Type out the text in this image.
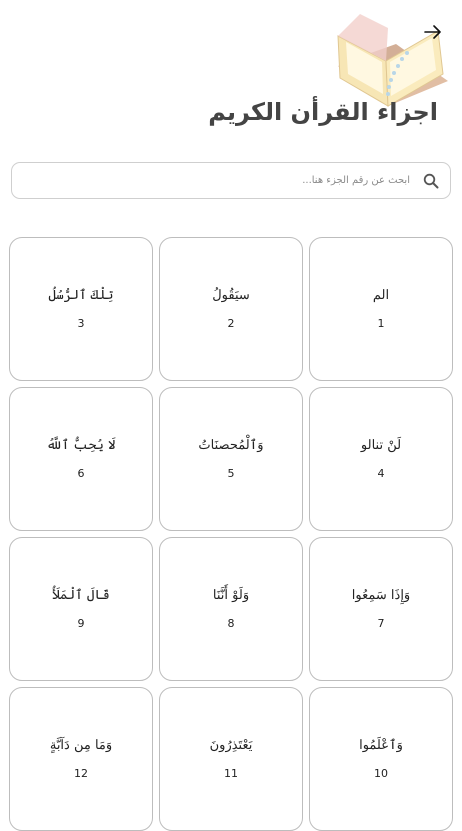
اجزاء القرأن الكريم
ابحث عن رقم الجزء هنا...
الم
1
سيَقُولُ
2
تِلْكَ ٱلرُّسُلُ
3
لَنْ تنالو
4
وَٱلْمُحصنَاتُ
5
لَا يُحِبُّ ٱللَّهُ
6
وَإِذَا سَمِعُوا
7
وَلَوْ أَنَّنَا
8
قَالَ ٱلْمَلَأُ
9
وَٱعْلَمُوا
10
يَعْتَذِرُونَ
11
وَمَا مِن دَآبَّةٍ
12
